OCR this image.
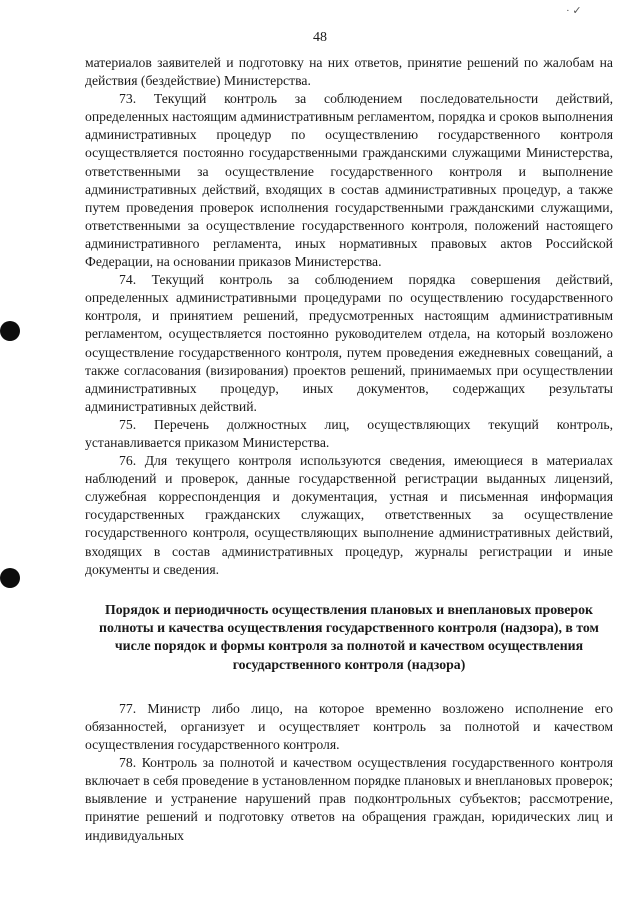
· ✓
48

материалов заявителей и подготовку на них ответов, принятие решений по жалобам на действия (бездействие) Министерства.

73. Текущий контроль за соблюдением последовательности действий, определенных настоящим административным регламентом, порядка и сроков выполнения административных процедур по осуществлению государственного контроля осуществляется постоянно государственными гражданскими служащими Министерства, ответственными за осуществление государственного контроля и выполнение административных действий, входящих в состав административных процедур, а также путем проведения проверок исполнения государственными гражданскими служащими, ответственными за осуществление государственного контроля, положений настоящего административного регламента, иных нормативных правовых актов Российской Федерации, на основании приказов Министерства.

74. Текущий контроль за соблюдением порядка совершения действий, определенных административными процедурами по осуществлению государственного контроля, и принятием решений, предусмотренных настоящим административным регламентом, осуществляется постоянно руководителем отдела, на который возложено осуществление государственного контроля, путем проведения ежедневных совещаний, а также согласования (визирования) проектов решений, принимаемых при осуществлении административных процедур, иных документов, содержащих результаты административных действий.

75. Перечень должностных лиц, осуществляющих текущий контроль, устанавливается приказом Министерства.

76. Для текущего контроля используются сведения, имеющиеся в материалах наблюдений и проверок, данные государственной регистрации выданных лицензий, служебная корреспонденция и документация, устная и письменная информация государственных гражданских служащих, ответственных за осуществление государственного контроля, осуществляющих выполнение административных действий, входящих в состав административных процедур, журналы регистрации и иные документы и сведения.

Порядок и периодичность осуществления плановых и внеплановых проверок полноты и качества осуществления государственного контроля (надзора), в том числе порядок и формы контроля за полнотой и качеством осуществления государственного контроля (надзора)

77. Министр либо лицо, на которое временно возложено исполнение его обязанностей, организует и осуществляет контроль за полнотой и качеством осуществления государственного контроля.

78. Контроль за полнотой и качеством осуществления государственного контроля включает в себя проведение в установленном порядке плановых и внеплановых проверок; выявление и устранение нарушений прав подконтрольных субъектов; рассмотрение, принятие решений и подготовку ответов на обращения граждан, юридических лиц и индивидуальных
